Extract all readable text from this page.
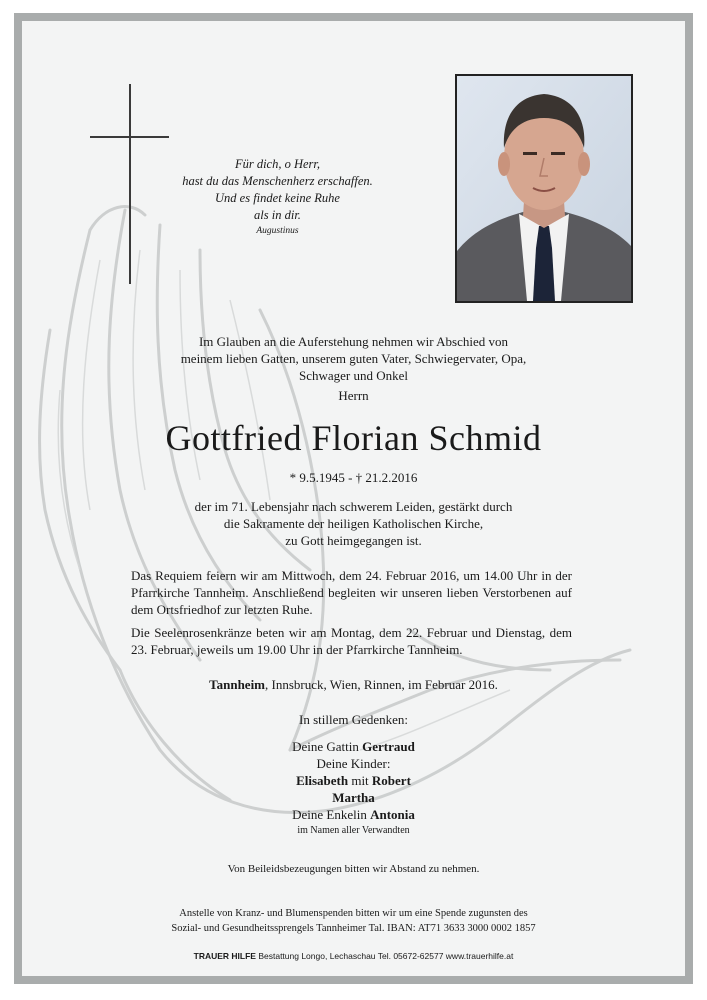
Für dich, o Herr,
hast du das Menschenherz erschaffen.
Und es findet keine Ruhe
als in dir.
Augustinus
Im Glauben an die Auferstehung nehmen wir Abschied von
meinem lieben Gatten, unserem guten Vater, Schwiegervater, Opa,
Schwager und Onkel
Herrn
Gottfried Florian Schmid
* 9.5.1945 - † 21.2.2016
der im 71. Lebensjahr nach schwerem Leiden, gestärkt durch
die Sakramente der heiligen Katholischen Kirche,
zu Gott heimgegangen ist.
Das Requiem feiern wir am Mittwoch, dem 24. Februar 2016, um 14.00 Uhr in der Pfarrkirche Tannheim. Anschließend begleiten wir unseren lieben Verstorbenen auf dem Ortsfriedhof zur letzten Ruhe.
Die Seelenrosenkränze beten wir am Montag, dem 22. Februar und Dienstag, dem 23. Februar, jeweils um 19.00 Uhr in der Pfarrkirche Tannheim.
Tannheim, Innsbruck, Wien, Rinnen, im Februar 2016.
In stillem Gedenken:
Deine Gattin Gertraud
Deine Kinder:
Elisabeth mit Robert
Martha
Deine Enkelin Antonia
im Namen aller Verwandten
Von Beileidsbezeugungen bitten wir Abstand zu nehmen.
Anstelle von Kranz- und Blumenspenden bitten wir um eine Spende zugunsten des
Sozial- und Gesundheitssprengels Tannheimer Tal. IBAN: AT71 3633 3000 0002 1857
TRAUER HILFE Bestattung Longo, Lechaschau Tel. 05672-62577 www.trauerhilfe.at
